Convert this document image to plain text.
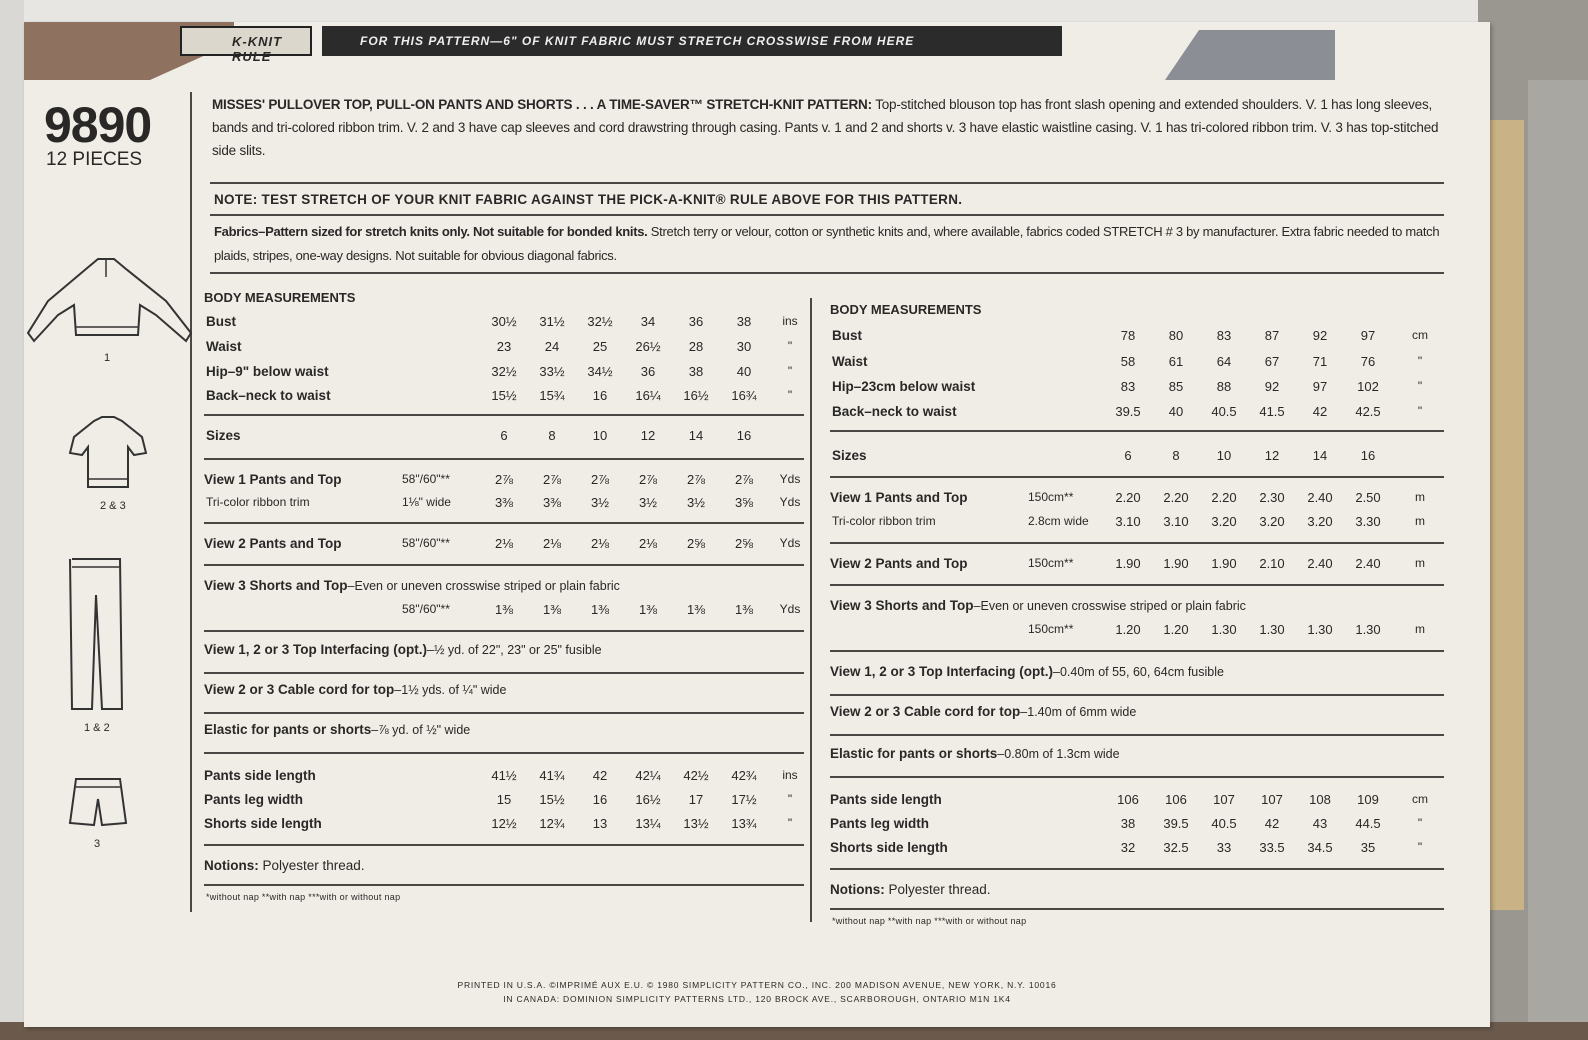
MISSES' PULLOVER TOP, PULL-ON PANTS AND SHORTS . . . A TIME-SAVER™ STRETCH-KNIT PATTERN: Top-stitched blouson top has front slash opening and extended shoulders. V. 1 has long sleeves, bands and tri-colored ribbon trim. V. 2 and 3 have cap sleeves and cord drawstring through casing. Pants v. 1 and 2 and shorts v. 3 have elastic waistline casing. V. 1 has tri-colored ribbon trim. V. 3 has top-stitched side slits.
NOTE: TEST STRETCH OF YOUR KNIT FABRIC AGAINST THE PICK-A-KNIT® RULE ABOVE FOR THIS PATTERN.
Fabrics–Pattern sized for stretch knits only. Not suitable for bonded knits. Stretch terry or velour, cotton or synthetic knits and, where available, fabrics coded STRETCH # 3 by manufacturer. Extra fabric needed to match plaids, stripes, one-way designs. Not suitable for obvious diagonal fabrics.
BODY MEASUREMENTS
Bust	30½	31½	32½	34	36	38	ins
Waist	23	24	25	26½	28	30	"
Hip–9" below waist	32½	33½	34½	36	38	40	"
Back–neck to waist	15½	15¾	16	16¼	16½	16¾	"
Sizes	6	8	10	12	14	16
View 1 Pants and Top	58"/60"**	2⅞	2⅞	2⅞	2⅞	2⅞	2⅞	Yds
Tri-color ribbon trim	1⅛" wide	3⅜	3⅜	3½	3½	3½	3⅝	Yds
View 2 Pants and Top	58"/60"**	2⅛	2⅛	2⅛	2⅛	2⅝	2⅝	Yds
View 3 Shorts and Top–Even or uneven crosswise striped or plain fabric
58"/60"**	1⅜	1⅜	1⅜	1⅜	1⅜	1⅜	Yds
View 1, 2 or 3 Top Interfacing (opt.)–½ yd. of 22", 23" or 25" fusible
View 2 or 3 Cable cord for top–1½ yds. of ¼" wide
Elastic for pants or shorts–⅞ yd. of ½" wide
Pants side length	41½	41¾	42	42¼	42½	42¾	ins
Pants leg width	15	15½	16	16½	17	17½	"
Shorts side length	12½	12¾	13	13¼	13½	13¾	"
Notions: Polyester thread.
*without nap **with nap ***with or without nap
BODY MEASUREMENTS
Bust	78	80	83	87	92	97	cm
Waist	58	61	64	67	71	76	"
Hip–23cm below waist	83	85	88	92	97	102	"
Back–neck to waist	39.5	40	40.5	41.5	42	42.5	"
Sizes	6	8	10	12	14	16
View 1 Pants and Top	150cm**	2.20	2.20	2.20	2.30	2.40	2.50	m
Tri-color ribbon trim	2.8cm wide	3.10	3.10	3.20	3.20	3.20	3.30	m
View 2 Pants and Top	150cm**	1.90	1.90	1.90	2.10	2.40	2.40	m
View 3 Shorts and Top–Even or uneven crosswise striped or plain fabric
150cm**	1.20	1.20	1.30	1.30	1.30	1.30	m
View 1, 2 or 3 Top Interfacing (opt.)–0.40m of 55, 60, 64cm fusible
View 2 or 3 Cable cord for top–1.40m of 6mm wide
Elastic for pants or shorts–0.80m of 1.3cm wide
Pants side length	106	106	107	107	108	109	cm
Pants leg width	38	39.5	40.5	42	43	44.5	"
Shorts side length	32	32.5	33	33.5	34.5	35	"
Notions: Polyester thread.
*without nap **with nap ***with or without nap
PRINTED IN U.S.A. ©IMPRIMÉ AUX E.U. © 1980 SIMPLICITY PATTERN CO., INC. 200 MADISON AVENUE, NEW YORK, N.Y. 10016
IN CANADA: DOMINION SIMPLICITY PATTERNS LTD., 120 BROCK AVE., SCARBOROUGH, ONTARIO M1N 1K4
K-KNIT RULE
FOR THIS PATTERN—6" OF KNIT FABRIC MUST STRETCH CROSSWISE FROM HERE
9890
12 PIECES
1
2 & 3
1 & 2
3
